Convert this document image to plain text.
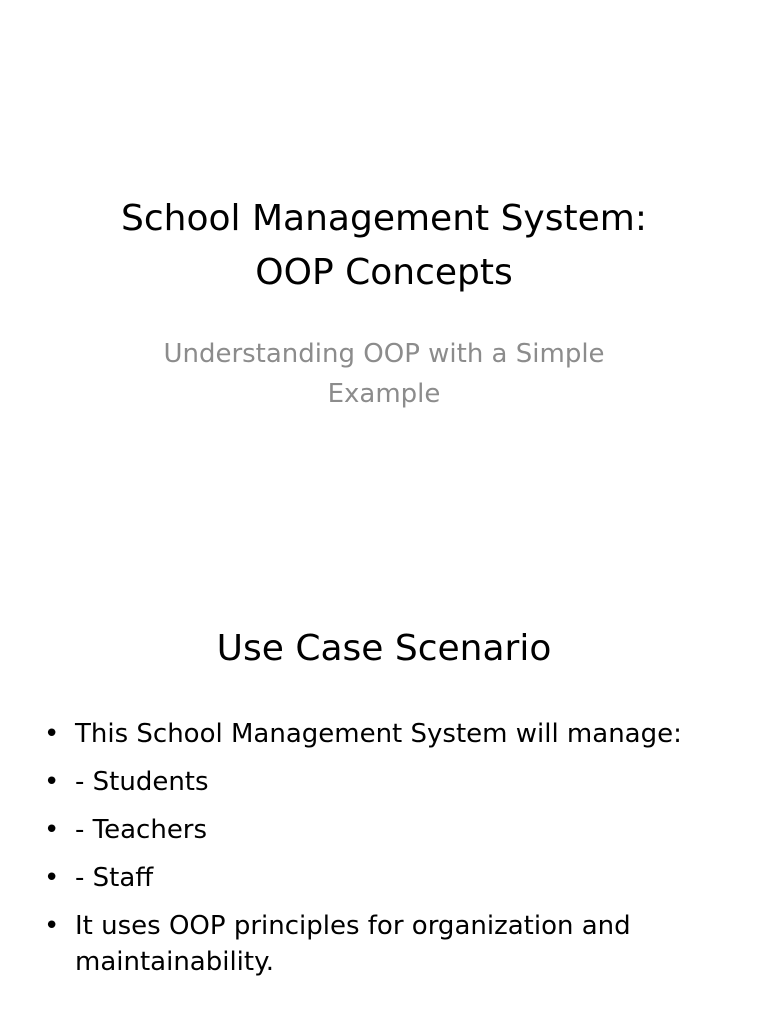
School Management System:
OOP Concepts

Understanding OOP with a Simple
Example

Use Case Scenario
• This School Management System will manage:
• - Students
• - Teachers
• - Staff
• It uses OOP principles for organization and maintainability.
